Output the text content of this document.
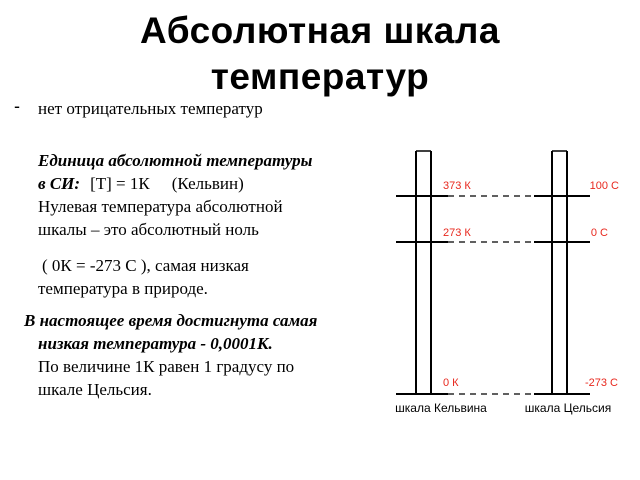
Абсолютная шкала
температур
- нет отрицательных температур
Единица абсолютной температуры
в СИ: [T] = 1К (Кельвин)
Нулевая температура абсолютной
шкалы – это абсолютный ноль
( 0К = -273 С ), самая низкая
температура в природе.
В настоящее время достигнута самая
низкая температура - 0,0001К.
По величине 1К равен 1 градусу по
шкале Цельсия.
373 К
273 К
0 К
100 С
0 С
-273 С
шкала Кельвина	шкала Цельсия
